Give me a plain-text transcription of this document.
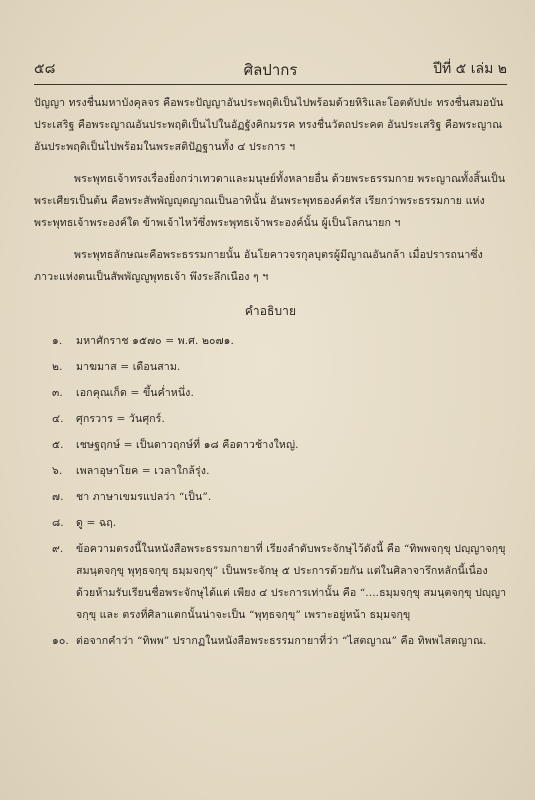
๕๘	ศิลปากร	ปีที่ ๕ เล่ม ๒

ปัญญา ทรงชื่นมหาบังคุลจร คือพระปัญญาอันประพฤติเป็นไปพร้อมด้วยหิริและโอตตัปปะ ทรงชื่นสมอบันประเสริฐ คือพระญาณอันประพฤติเป็นไปในอัฏฐังคิกมรรค ทรงชื่นวัตถประคต อันประเสริฐ คือพระญาณอันประพฤติเป็นไปพร้อมในพระสติปัฏฐานทั้ง ๔ ประการ ฯ

พระพุทธเจ้าทรงเรื่องยิ่งกว่าเทวดาและมนุษย์ทั้งหลายอื่น ด้วยพระธรรมกาย พระญาณทั้งสิ้นเป็นพระเศียรเป็นต้น คือพระสัพพัญญุตญาณเป็นอาทินั้น อันพระพุทธองค์ตรัส เรียกว่าพระธรรมกาย แห่งพระพุทธเจ้าพระองค์ใด ข้าพเจ้าไหว้ซึ่งพระพุทธเจ้าพระองค์นั้น ผู้เป็นโลกนายก ฯ

พระพุทธลักษณะคือพระธรรมกายนั้น อันโยคาวจรกุลบุตรผู้มีญาณอันกล้า เมื่อปรารถนาซึ่งภาวะแห่งตนเป็นสัพพัญญูพุทธเจ้า พึงระลึกเนือง ๆ ฯ

คำอธิบาย
๑.	มหาศักราช ๑๕๗๐ = พ.ศ. ๒๐๗๑.
๒.	มาฆมาส = เดือนสาม.
๓.	เอกคุณเก็ด = ขึ้นค่ำหนึ่ง.
๔.	ศุกรวาร = วันศุกร์.
๕.	เชษฐฤกษ์ = เป็นดาวฤกษ์ที่ ๑๘ คือดาวช้างใหญ่.
๖.	เพลาอุษาโยค = เวลาใกล้รุ่ง.
๗.	ชา ภาษาเขมรแปลว่า “เป็น”.
๘.	ดู = ฉฤ.
๙.	ข้อความตรงนี้ในหนังสือพระธรรมกายาที่ เรียงลำดับพระจักษุไว้ดังนี้ คือ “ทิพพจกฺขุ ปญฺญาจกฺขุ สมนฺตจกฺขุ พุทฺธจกฺขุ ธมฺมจกฺขุ” เป็นพระจักษุ ๕ ประการด้วยกัน แต่ในศิลาจารึกหลักนี้เนื่องด้วยห้ามรับเรียนชื่อพระจักษุได้แต่ เพียง ๔ ประการเท่านั้น คือ “....ธมฺมจกฺขุ สมนฺตจกฺขุ ปญฺญาจกฺขุ และ ตรงที่ศิลาแตกนั้นน่าจะเป็น “พุทฺธจกฺขุ” เพราะอยู่หน้า ธมฺมจกฺขุ
๑๐. ต่อจากคำว่า “ทิพพ” ปรากฏในหนังสือพระธรรมกายาที่ว่า “ไสตญาณ” คือ ทิพพไสตญาณ.
